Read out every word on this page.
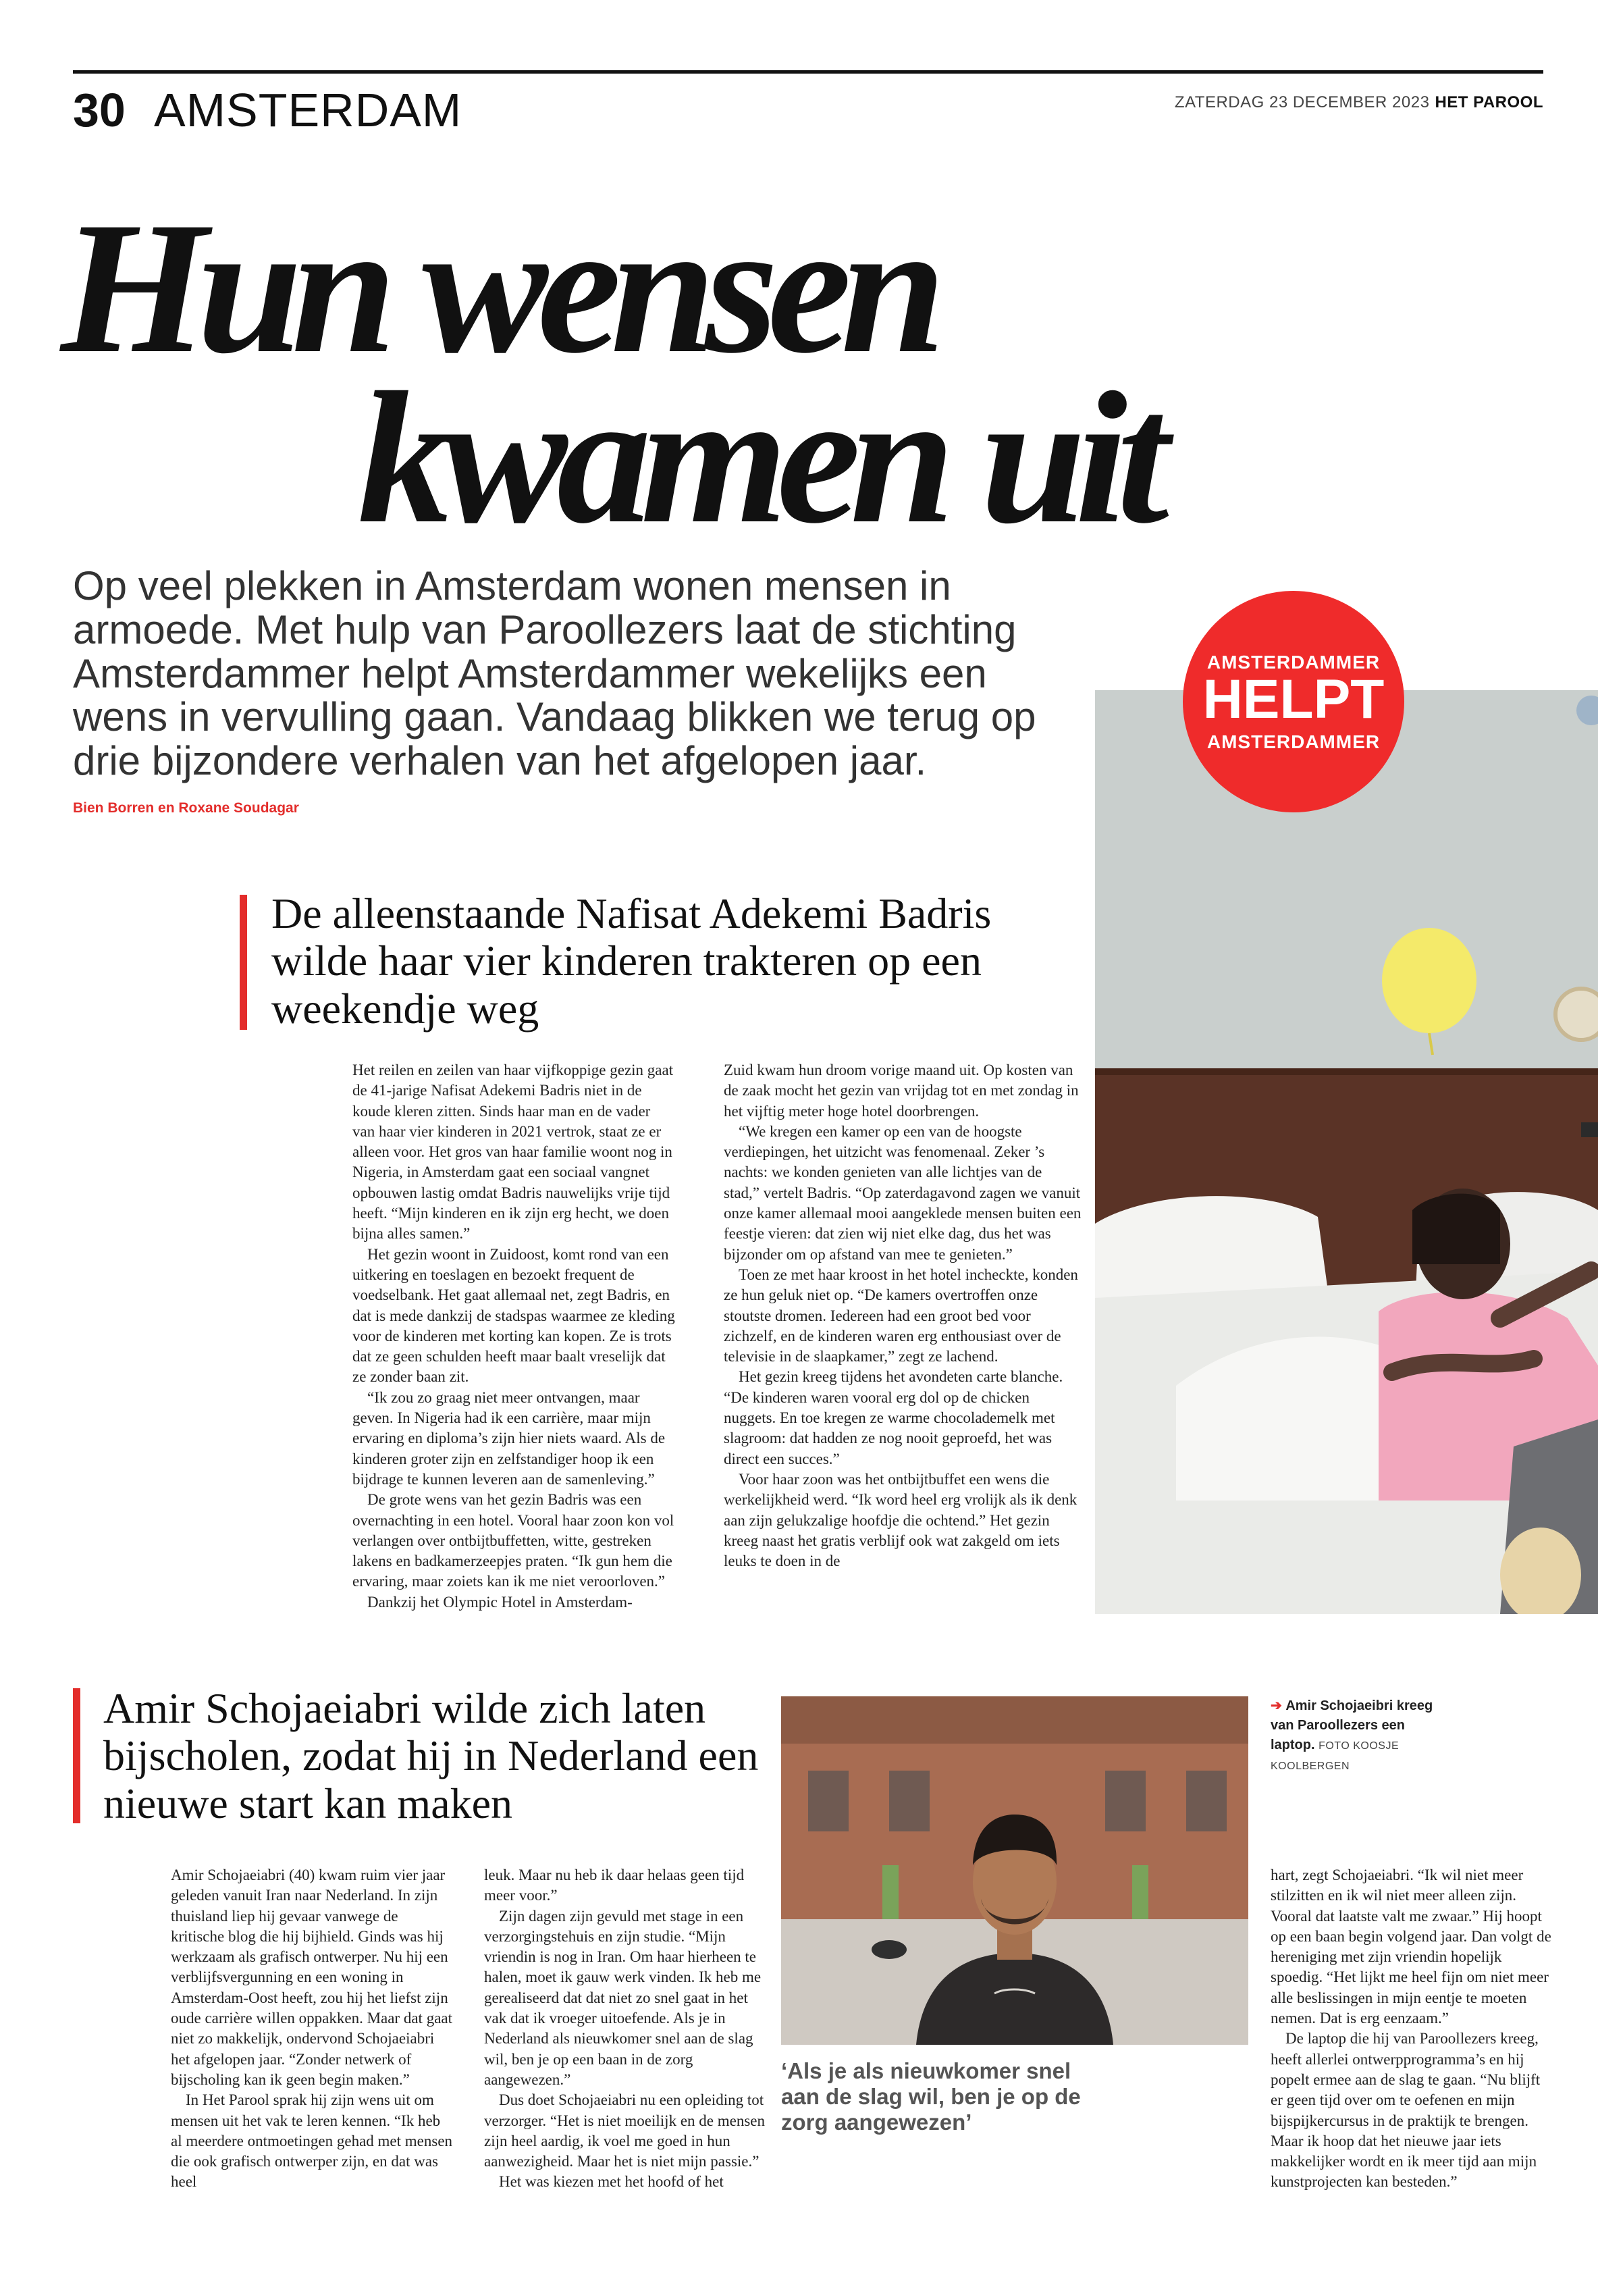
30 AMSTERDAM	ZATERDAG 23 DECEMBER 2023 HET PAROOL
Hun wensen
kwamen uit

Op veel plekken in Amsterdam wonen mensen in armoede. Met hulp van Paroollezers laat de stichting Amsterdammer helpt Amsterdammer wekelijks een wens in vervulling gaan. Vandaag blikken we terug op drie bijzondere verhalen van het afgelopen jaar.

Bien Borren en Roxane Soudagar
AMSTERDAMMER
HELPT
AMSTERDAMMER
De alleenstaande Nafisat Adekemi Badris wilde haar vier kinderen trakteren op een weekendje weg

Het reilen en zeilen van haar vijfkoppige gezin gaat de 41-jarige Nafisat Adekemi Badris niet in de koude kleren zitten. Sinds haar man en de vader van haar vier kinderen in 2021 vertrok, staat ze er alleen voor. Het gros van haar familie woont nog in Nigeria, in Amsterdam gaat een sociaal vangnet opbouwen lastig omdat Badris nauwelijks vrije tijd heeft. “Mijn kinderen en ik zijn erg hecht, we doen bijna alles samen.”

Het gezin woont in Zuidoost, komt rond van een uitkering en toeslagen en bezoekt frequent de voedselbank. Het gaat allemaal net, zegt Badris, en dat is mede dankzij de stadspas waarmee ze kleding voor de kinderen met korting kan kopen. Ze is trots dat ze geen schulden heeft maar baalt vreselijk dat ze zonder baan zit.

“Ik zou zo graag niet meer ontvangen, maar geven. In Nigeria had ik een carrière, maar mijn ervaring en diploma’s zijn hier niets waard. Als de kinderen groter zijn en zelfstandiger hoop ik een bijdrage te kunnen leveren aan de samenleving.”

De grote wens van het gezin Badris was een overnachting in een hotel. Vooral haar zoon kon vol verlangen over ontbijtbuffetten, witte, gestreken lakens en badkamerzeepjes praten. “Ik gun hem die ervaring, maar zoiets kan ik me niet veroorloven.”

Dankzij het Olympic Hotel in Amsterdam-

Zuid kwam hun droom vorige maand uit. Op kosten van de zaak mocht het gezin van vrijdag tot en met zondag in het vijftig meter hoge hotel doorbrengen.

“We kregen een kamer op een van de hoogste verdiepingen, het uitzicht was fenomenaal. Zeker ’s nachts: we konden genieten van alle lichtjes van de stad,” vertelt Badris. “Op zaterdagavond zagen we vanuit onze kamer allemaal mooi aangeklede mensen buiten een feestje vieren: dat zien wij niet elke dag, dus het was bijzonder om op afstand van mee te genieten.”

Toen ze met haar kroost in het hotel incheckte, konden ze hun geluk niet op. “De kamers overtroffen onze stoutste dromen. Iedereen had een groot bed voor zichzelf, en de kinderen waren erg enthousiast over de televisie in de slaapkamer,” zegt ze lachend.

Het gezin kreeg tijdens het avondeten carte blanche. “De kinderen waren vooral erg dol op de chicken nuggets. En toe kregen ze warme chocolademelk met slagroom: dat hadden ze nog nooit geproefd, het was direct een succes.”

Voor haar zoon was het ontbijtbuffet een wens die werkelijkheid werd. “Ik word heel erg vrolijk als ik denk aan zijn gelukzalige hoofdje die ochtend.” Het gezin kreeg naast het gratis verblijf ook wat zakgeld om iets leuks te doen in de

Amir Schojaeiabri wilde zich laten bijscholen, zodat hij in Nederland een nieuwe start kan maken

Amir Schojaeiabri (40) kwam ruim vier jaar geleden vanuit Iran naar Nederland. In zijn thuisland liep hij gevaar vanwege de kritische blog die hij bijhield. Ginds was hij werkzaam als grafisch ontwerper. Nu hij een verblijfsvergunning en een woning in Amsterdam-Oost heeft, zou hij het liefst zijn oude carrière willen oppakken. Maar dat gaat niet zo makkelijk, ondervond Schojaeiabri het afgelopen jaar. “Zonder netwerk of bijscholing kan ik geen begin maken.”

In Het Parool sprak hij zijn wens uit om mensen uit het vak te leren kennen. “Ik heb al meerdere ontmoetingen gehad met mensen die ook grafisch ontwerper zijn, en dat was heel

leuk. Maar nu heb ik daar helaas geen tijd meer voor.”

Zijn dagen zijn gevuld met stage in een verzorgingstehuis en zijn studie. “Mijn vriendin is nog in Iran. Om haar hierheen te halen, moet ik gauw werk vinden. Ik heb me gerealiseerd dat dat niet zo snel gaat in het vak dat ik vroeger uitoefende. Als je in Nederland als nieuwkomer snel aan de slag wil, ben je op een baan in de zorg aangewezen.”

Dus doet Schojaeiabri nu een opleiding tot verzorger. “Het is niet moeilijk en de mensen zijn heel aardig, ik voel me goed in hun aanwezigheid. Maar het is niet mijn passie.”

Het was kiezen met het hoofd of het

hart, zegt Schojaeiabri. “Ik wil niet meer stilzitten en ik wil niet meer alleen zijn. Vooral dat laatste valt me zwaar.” Hij hoopt op een baan begin volgend jaar. Dan volgt de hereniging met zijn vriendin hopelijk spoedig. “Het lijkt me heel fijn om niet meer alle beslissingen in mijn eentje te moeten nemen. Dat is erg eenzaam.”

De laptop die hij van Paroollezers kreeg, heeft allerlei ontwerpprogramma’s en hij popelt ermee aan de slag te gaan. “Nu blijft er geen tijd over om te oefenen en mijn bijspijkercursus in de praktijk te brengen. Maar ik hoop dat het nieuwe jaar iets makkelijker wordt en ik meer tijd aan mijn kunstprojecten kan besteden.”

➔ Amir Schojaeibri kreeg van Paroollezers een laptop. FOTO KOOSJE KOOLBERGEN

‘Als je als nieuwkomer snel aan de slag wil, ben je op de zorg aangewezen’
